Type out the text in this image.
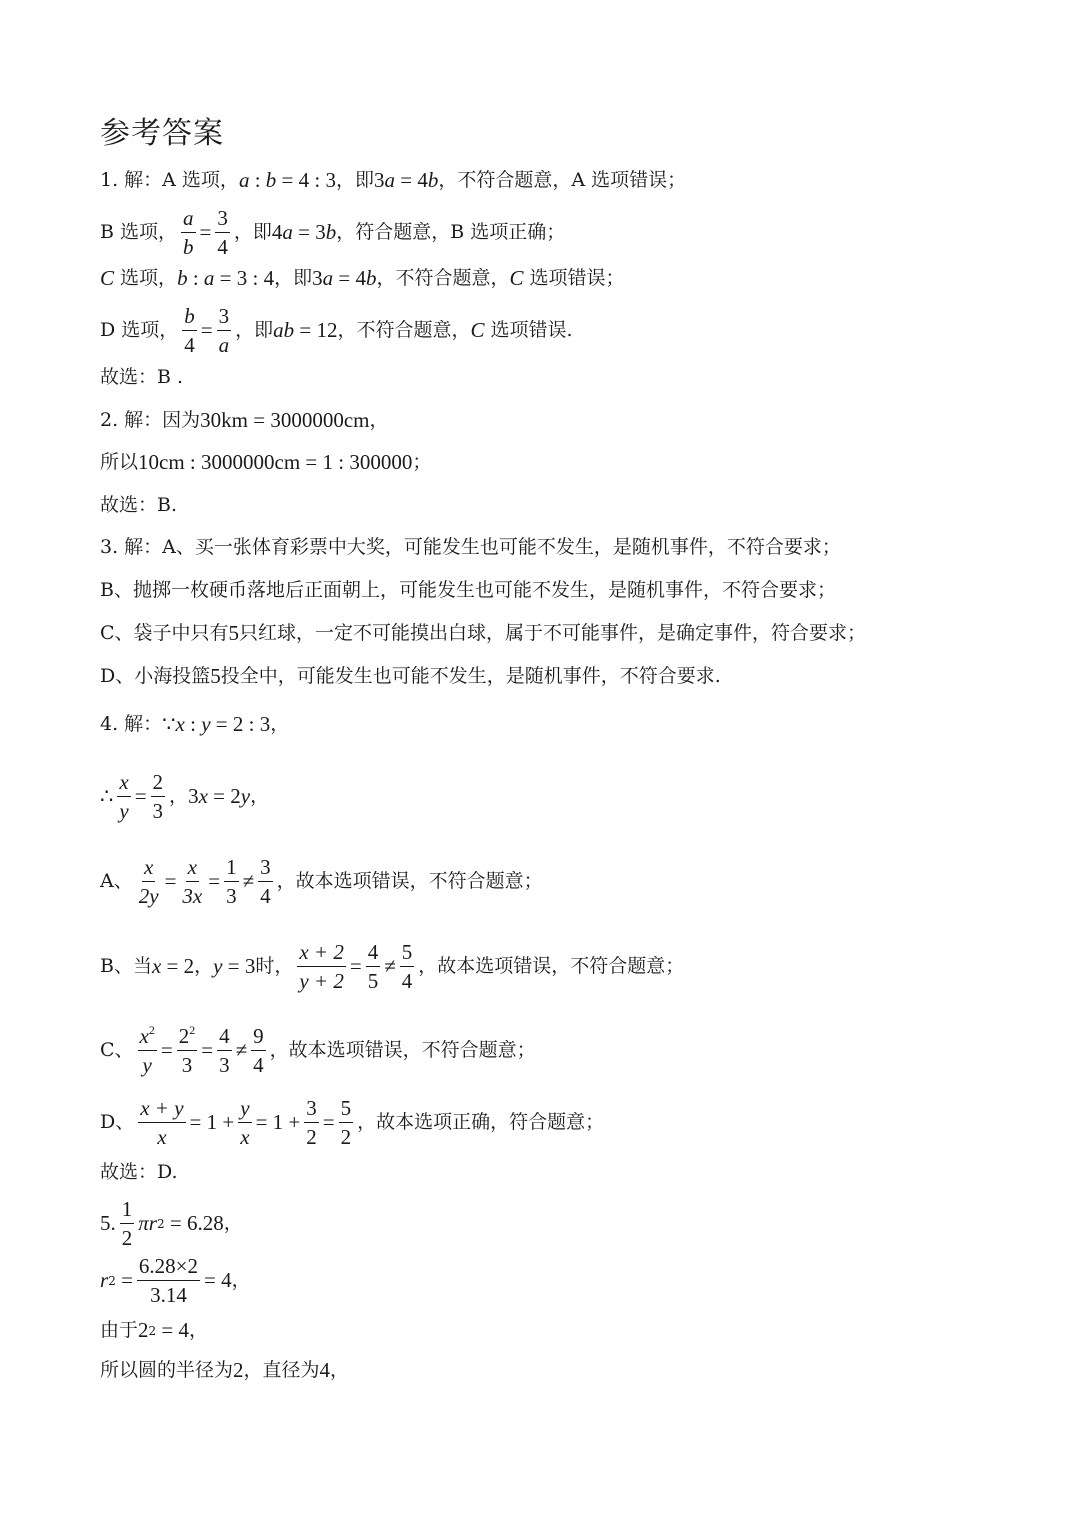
参考答案
1. 解：A 选项， a : b = 4 : 3 ，即 3 a = 4 b ，不符合题意，A 选项错误；
B 选项， $\frac{a}{b} = \frac{3}{4}$ ，即 4 a = 3 b ，符合题意，B 选项正确；
C 选项， b : a = 3 : 4 ，即 3 a = 4 b ，不符合题意， C 选项错误；
D 选项， $\frac{b}{4} = \frac{3}{a}$ ，即 ab = 12 ，不符合题意， C 选项错误.
故选：B .
2. 解：因为 30km = 3000000cm ，
所以 10cm : 3000000cm = 1 : 300000 ；
故选：B.
3. 解：A、买一张体育彩票中大奖，可能发生也可能不发生，是随机事件，不符合要求；
B、抛掷一枚硬币落地后正面朝上，可能发生也可能不发生，是随机事件，不符合要求；
C、袋子中只有 5 只红球，一定不可能摸出白球，属于不可能事件，是确定事件，符合要求；
D、小海投篮 5 投全中，可能发生也可能不发生，是随机事件，不符合要求.
4. 解： ∵ x : y = 2 : 3 ，
∴ $\frac{x}{y} = \frac{2}{3}$ ， 3 x = 2 y ，
A、 $\frac{x}{2y} = \frac{x}{3x} = \frac{1}{3} \ne \frac{3}{4}$ ，故本选项错误，不符合题意；
B、当 x = 2 ， y = 3 时， $\frac{x + 2}{y + 2} = \frac{4}{5} \ne \frac{5}{4}$ ，故本选项错误，不符合题意；
C、 $\frac{x^2}{y} = \frac{2^2}{3} = \frac{4}{3} \ne \frac{9}{4}$ ，故本选项错误，不符合题意；
D、 $\frac{x + y}{x} = 1 + \frac{y}{x} = 1 + \frac{3}{2} = \frac{5}{2}$ ，故本选项正确，符合题意；
故选：D.
5. $\frac{1}{2}$ π r 2 = 6.28 ，
r $2 = \frac{6.28\times 2}{3.14} = 4$ ，
由于 2 2 = 4 ，
所以圆的半径为 2 ，直径为 4 ，
